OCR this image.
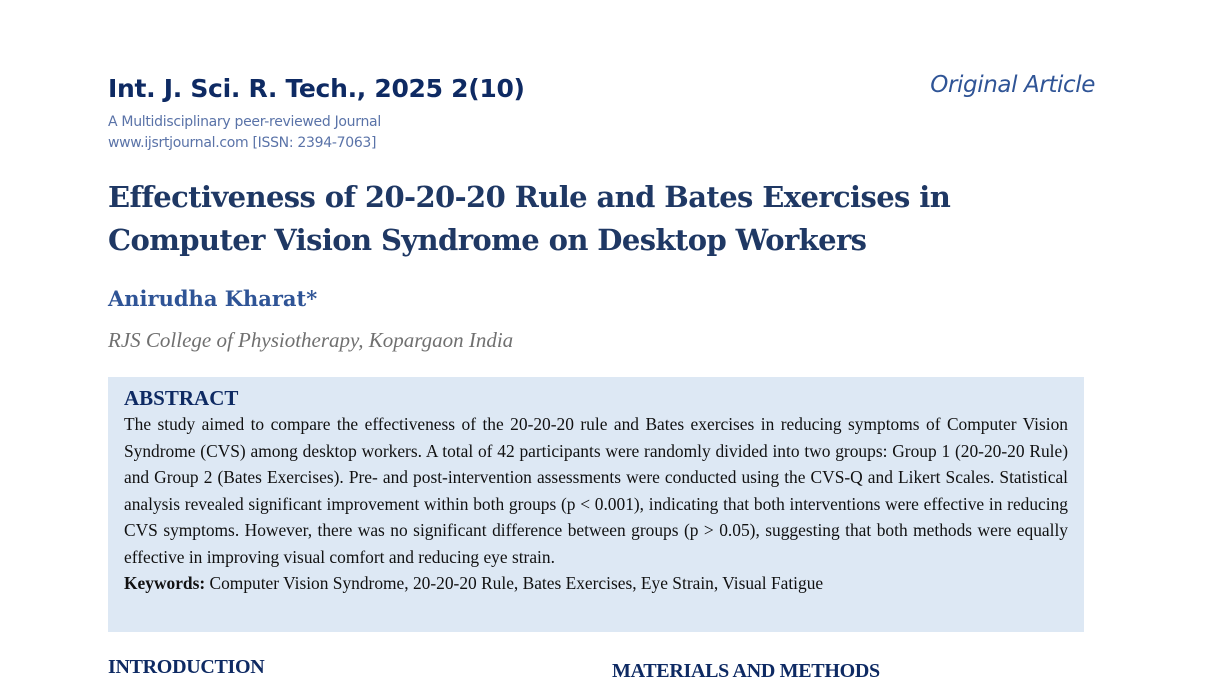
Int. J. Sci. R. Tech., 2025 2(10)
A Multidisciplinary peer-reviewed Journal
www.ijsrtjournal.com [ISSN: 2394-7063]
Original Article
Effectiveness of 20-20-20 Rule and Bates Exercises in Computer Vision Syndrome on Desktop Workers
Anirudha Kharat*
RJS College of Physiotherapy, Kopargaon India
ABSTRACT

The study aimed to compare the effectiveness of the 20-20-20 rule and Bates exercises in reducing symptoms of Computer Vision Syndrome (CVS) among desktop workers. A total of 42 participants were randomly divided into two groups: Group 1 (20-20-20 Rule) and Group 2 (Bates Exercises). Pre- and post-intervention assessments were conducted using the CVS-Q and Likert Scales. Statistical analysis revealed significant improvement within both groups (p < 0.001), indicating that both interventions were effective in reducing CVS symptoms. However, there was no significant difference between groups (p > 0.05), suggesting that both methods were equally effective in improving visual comfort and reducing eye strain.

Keywords: Computer Vision Syndrome, 20-20-20 Rule, Bates Exercises, Eye Strain, Visual Fatigue

INTRODUCTION	MATERIALS AND METHODS
